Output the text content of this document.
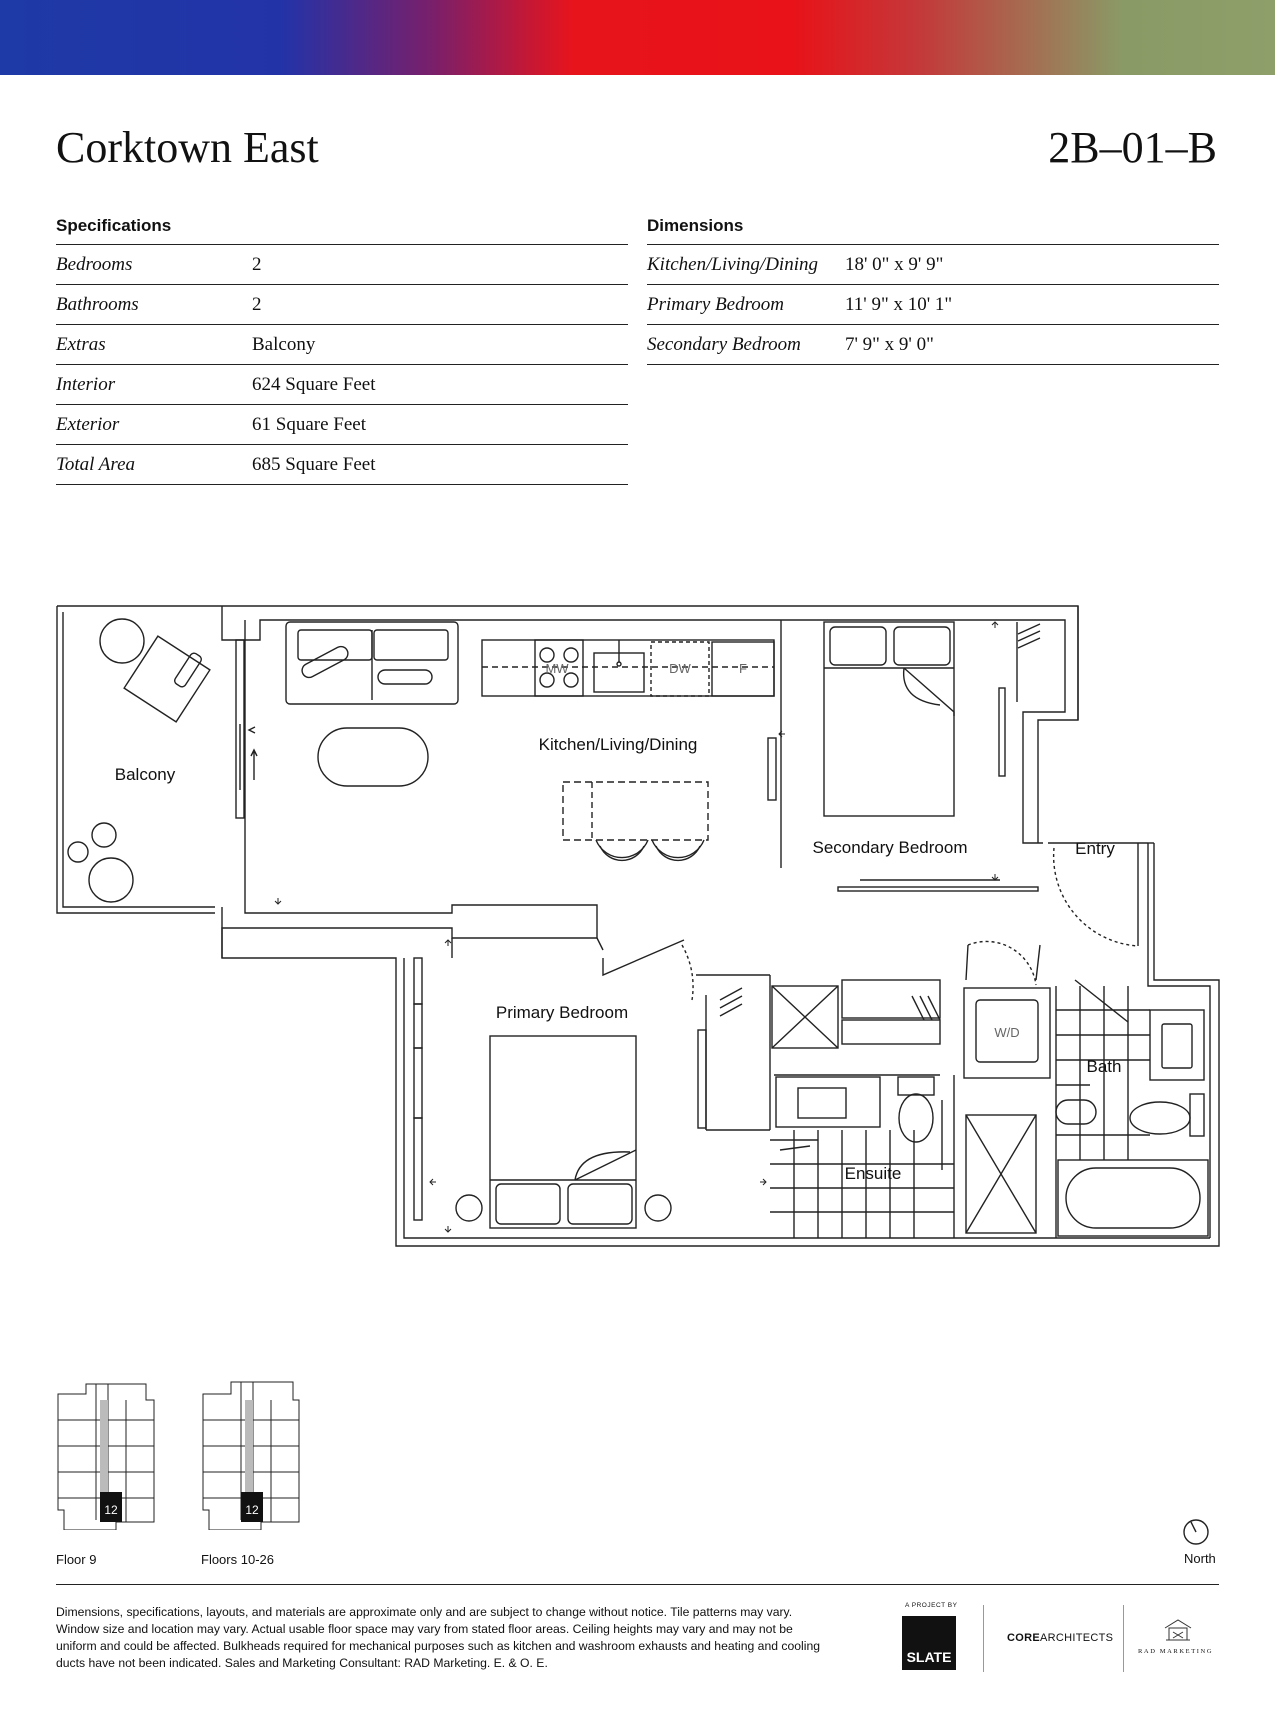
Corktown East	2B–01–B
Specifications
Bedrooms	2
Bathrooms	2
Extras	Balcony
Interior	624 Square Feet
Exterior	61 Square Feet
Total Area	685 Square Feet
Dimensions
Kitchen/Living/Dining	18' 0" x 9' 9"
Primary Bedroom	11' 9" x 10' 1"
Secondary Bedroom	7' 9" x 9' 0"
Balcony
Kitchen/Living/Dining
Secondary Bedroom	Entry
Primary Bedroom
Ensuite
Bath
MW	DW	F
W/D
12
Floor 9
12
Floors 10-26	North
Dimensions, specifications, layouts, and materials are approximate only and are subject to change without notice. Tile patterns may vary. Window size and location may vary. Actual usable floor space may vary from stated floor areas. Ceiling heights may vary and may not be uniform and could be affected. Bulkheads required for mechanical purposes such as kitchen and washroom exhausts and heating and cooling ducts have not been indicated. Sales and Marketing Consultant: RAD Marketing. E. & O. E.
A PROJECT BY
SLATE
COREARCHITECTS
RAD MARKETING
